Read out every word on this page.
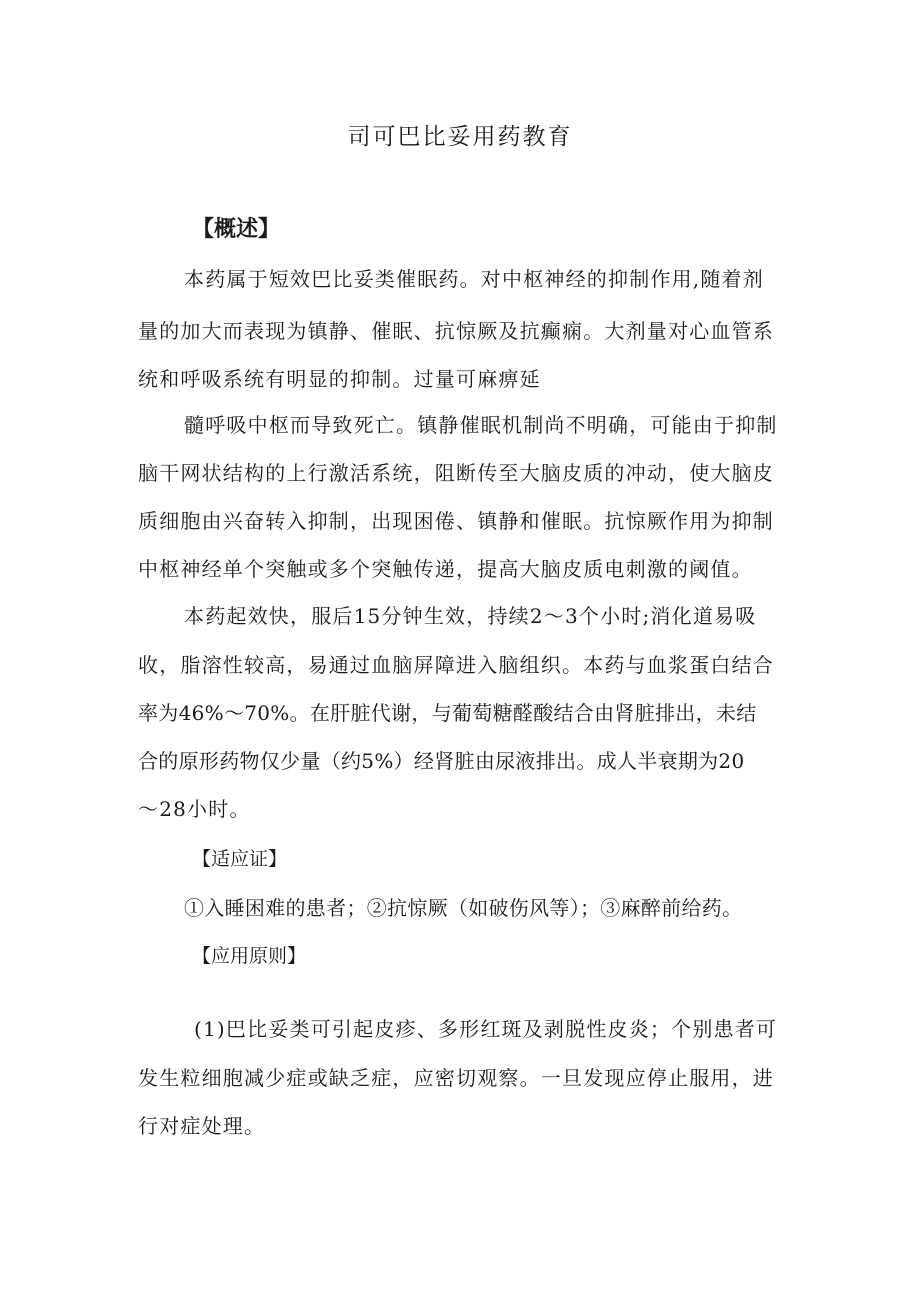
司可巴比妥用药教育
【概述】
本药属于短效巴比妥类催眠药。对中枢神经的抑制作用,随着剂
量的加大而表现为镇静、催眠、抗惊厥及抗癫痫。大剂量对心血管系
统和呼吸系统有明显的抑制。过量可麻痹延
髓呼吸中枢而导致死亡。镇静催眠机制尚不明确，可能由于抑制
脑干网状结构的上行激活系统，阻断传至大脑皮质的冲动，使大脑皮
质细胞由兴奋转入抑制，出现困倦、镇静和催眠。抗惊厥作用为抑制
中枢神经单个突触或多个突触传递，提高大脑皮质电刺激的阈值。
本药起效快，服后15分钟生效，持续2～3个小时;消化道易吸
收，脂溶性较高，易通过血脑屏障进入脑组织。本药与血浆蛋白结合
率为46%～70%。在肝脏代谢，与葡萄糖醛酸结合由肾脏排出，未结
合的原形药物仅少量（约5%）经肾脏由尿液排出。成人半衰期为20
～28小时。
【适应证】
①入睡困难的患者；②抗惊厥（如破伤风等）；③麻醉前给药。
【应用原则】
(1)巴比妥类可引起皮疹、多形红斑及剥脱性皮炎；个别患者可
发生粒细胞减少症或缺乏症，应密切观察。一旦发现应停止服用，进
行对症处理。
